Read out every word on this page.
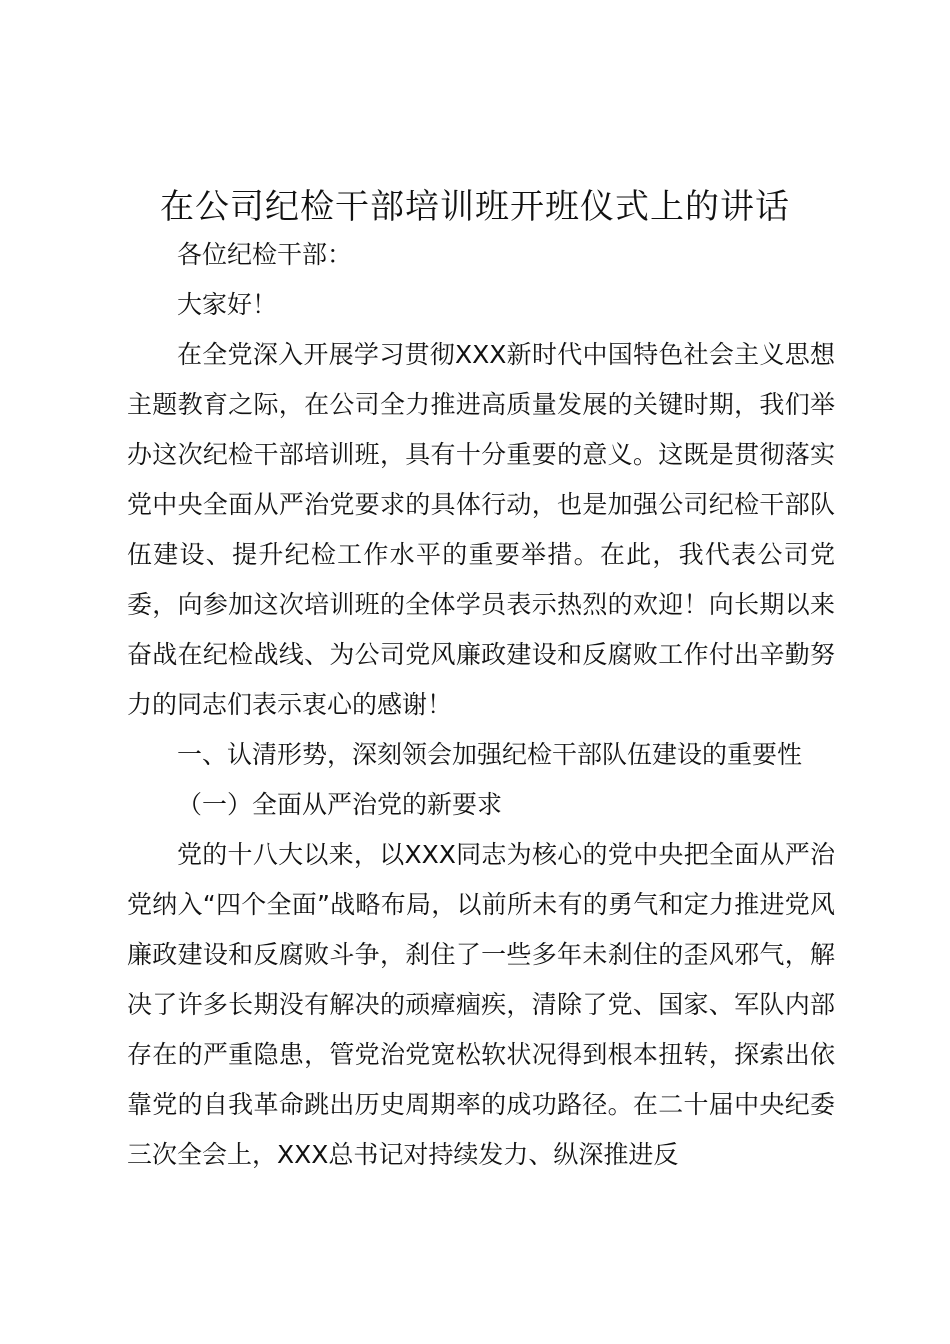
在公司纪检干部培训班开班仪式上的讲话

各位纪检干部：

大家好！

在全党深入开展学习贯彻XXX新时代中国特色社会主义思想主题教育之际，在公司全力推进高质量发展的关键时期，我们举办这次纪检干部培训班，具有十分重要的意义。这既是贯彻落实党中央全面从严治党要求的具体行动，也是加强公司纪检干部队伍建设、提升纪检工作水平的重要举措。在此，我代表公司党委，向参加这次培训班的全体学员表示热烈的欢迎！向长期以来奋战在纪检战线、为公司党风廉政建设和反腐败工作付出辛勤努力的同志们表示衷心的感谢！

一、认清形势，深刻领会加强纪检干部队伍建设的重要性

（一）全面从严治党的新要求

党的十八大以来，以XXX同志为核心的党中央把全面从严治党纳入“四个全面”战略布局，以前所未有的勇气和定力推进党风廉政建设和反腐败斗争，刹住了一些多年未刹住的歪风邪气，解决了许多长期没有解决的顽瘴痼疾，清除了党、国家、军队内部存在的严重隐患，管党治党宽松软状况得到根本扭转，探索出依靠党的自我革命跳出历史周期率的成功路径。在二十届中央纪委三次全会上，XXX总书记对持续发力、纵深推进反
